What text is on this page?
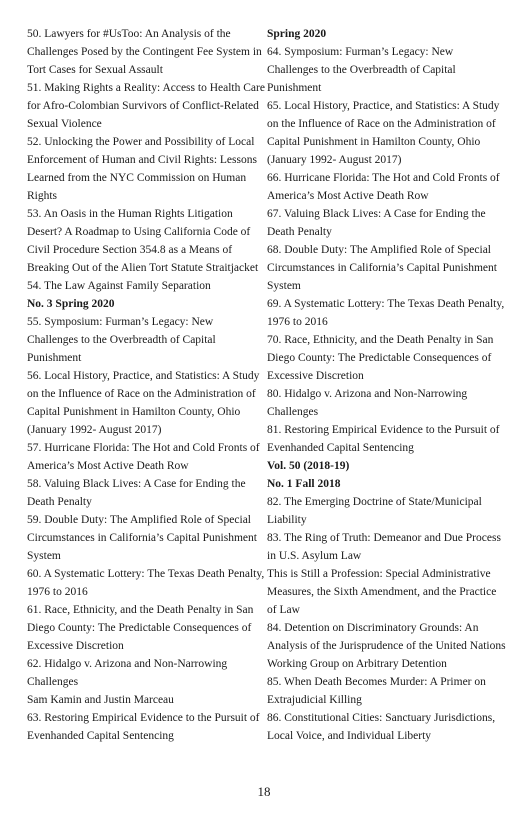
50. Lawyers for #UsToo: An Analysis of the Challenges Posed by the Contingent Fee System in Tort Cases for Sexual Assault

51. Making Rights a Reality: Access to Health Care for Afro-Colombian Survivors of Conflict-Related Sexual Violence

52. Unlocking the Power and Possibility of Local Enforcement of Human and Civil Rights: Lessons Learned from the NYC Commission on Human Rights

53. An Oasis in the Human Rights Litigation Desert? A Roadmap to Using California Code of Civil Procedure Section 354.8 as a Means of Breaking Out of the Alien Tort Statute Straitjacket

54. The Law Against Family Separation

No. 3 Spring 2020

55. Symposium: Furman’s Legacy: New Challenges to the Overbreadth of Capital Punishment

56. Local History, Practice, and Statistics: A Study on the Influence of Race on the Administration of Capital Punishment in Hamilton County, Ohio (January 1992- August 2017)

57. Hurricane Florida: The Hot and Cold Fronts of America’s Most Active Death Row

58. Valuing Black Lives: A Case for Ending the Death Penalty

59. Double Duty: The Amplified Role of Special Circumstances in California’s Capital Punishment System

60. A Systematic Lottery: The Texas Death Penalty, 1976 to 2016

61. Race, Ethnicity, and the Death Penalty in San Diego County: The Predictable Consequences of Excessive Discretion

62. Hidalgo v. Arizona and Non-Narrowing Challenges

Sam Kamin and Justin Marceau

63. Restoring Empirical Evidence to the Pursuit of Evenhanded Capital Sentencing

Spring 2020

64. Symposium: Furman’s Legacy: New Challenges to the Overbreadth of Capital Punishment

65. Local History, Practice, and Statistics: A Study on the Influence of Race on the Administration of Capital Punishment in Hamilton County, Ohio (January 1992- August 2017)

66. Hurricane Florida: The Hot and Cold Fronts of America’s Most Active Death Row

67. Valuing Black Lives: A Case for Ending the Death Penalty

68. Double Duty: The Amplified Role of Special Circumstances in California’s Capital Punishment System

69. A Systematic Lottery: The Texas Death Penalty, 1976 to 2016

70. Race, Ethnicity, and the Death Penalty in San Diego County: The Predictable Consequences of Excessive Discretion

80. Hidalgo v. Arizona and Non-Narrowing Challenges

81. Restoring Empirical Evidence to the Pursuit of Evenhanded Capital Sentencing

Vol. 50 (2018-19)

No. 1 Fall 2018

82. The Emerging Doctrine of State/Municipal Liability

83. The Ring of Truth: Demeanor and Due Process in U.S. Asylum Law

This is Still a Profession: Special Administrative Measures, the Sixth Amendment, and the Practice of Law

84. Detention on Discriminatory Grounds: An Analysis of the Jurisprudence of the United Nations Working Group on Arbitrary Detention

85. When Death Becomes Murder: A Primer on Extrajudicial Killing

86. Constitutional Cities: Sanctuary Jurisdictions, Local Voice, and Individual Liberty

18
